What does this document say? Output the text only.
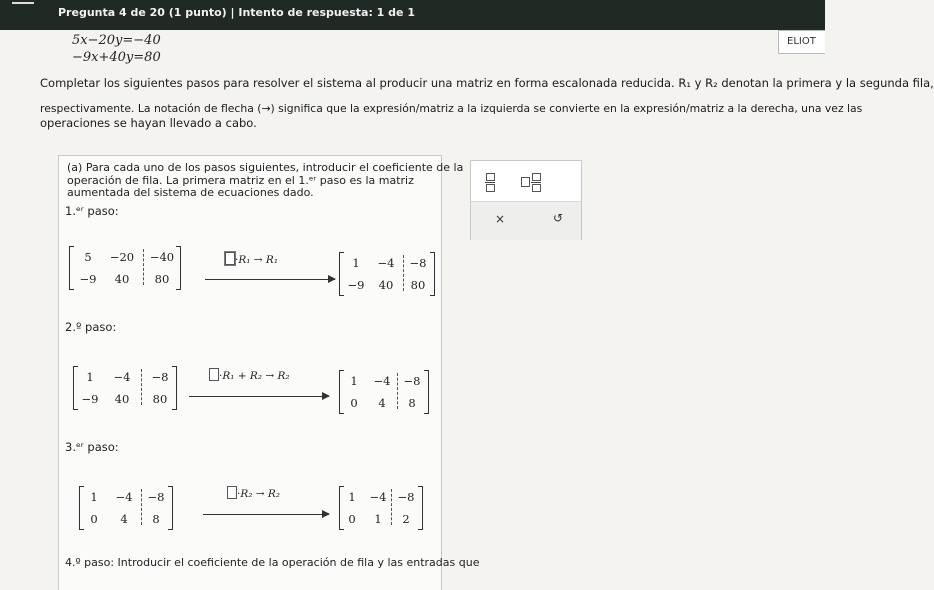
Pregunta 4 de 20 (1 punto) | Intento de respuesta: 1 de 1
ELIOT
5x−20y=−40
−9x+40y=80
Completar los siguientes pasos para resolver el sistema al producir una matriz en forma escalonada reducida. R₁ y R₂ denotan la primera y la segunda fila,
respectivamente. La notación de flecha (→) significa que la expresión/matriz a la izquierda se convierte en la expresión/matriz a la derecha, una vez las
operaciones se hayan llevado a cabo.
(a) Para cada uno de los pasos siguientes, introducir el coeficiente de la
operación de fila. La primera matriz en el 1.ᵉʳ paso es la matriz
aumentada del sistema de ecuaciones dado.
1.ᵉʳ paso:
5	−20 −40
−9	40	80
·R₁ → R₁	1	−4	−8
−9	40	80
2.º paso:
1	−4	−8
−9	40	80
·R₁ + R₂ → R₂	1	−4	−8
0	4	8
3.ᵉʳ paso:
1	−4	−8
0	4	8
·R₂ → R₂	1	−4 −8
0	1	2
4.º paso: Introducir el coeficiente de la operación de fila y las entradas que
×	↺
